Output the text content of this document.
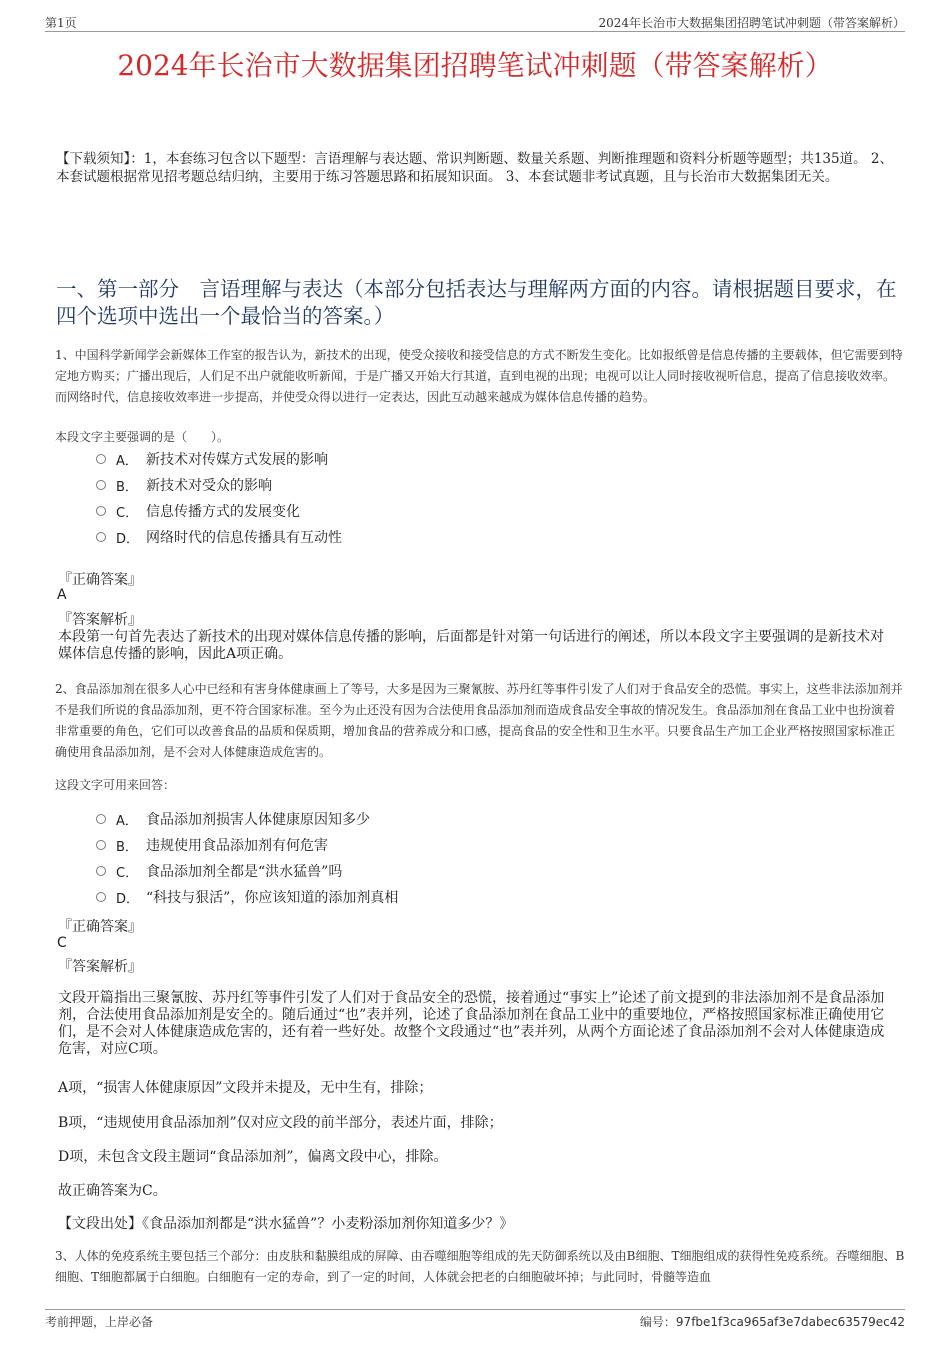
第1页	2024年长治市大数据集团招聘笔试冲刺题（带答案解析）
2024年长治市大数据集团招聘笔试冲刺题（带答案解析）
【下载须知】：1，本套练习包含以下题型：言语理解与表达题、常识判断题、数量关系题、判断推理题和资料分析题等题型；共135道。 2、本套试题根据常见招考题总结归纳，主要用于练习答题思路和拓展知识面。 3、本套试题非考试真题，且与长治市大数据集团无关。
一、第一部分　言语理解与表达（本部分包括表达与理解两方面的内容。请根据题目要求，在四个选项中选出一个最恰当的答案。）
1、中国科学新闻学会新媒体工作室的报告认为，新技术的出现，使受众接收和接受信息的方式不断发生变化。比如报纸曾是信息传播的主要载体，但它需要到特定地方购买；广播出现后，人们足不出户就能收听新闻，于是广播又开始大行其道，直到电视的出现；电视可以让人同时接收视听信息，提高了信息接收效率。而网络时代，信息接收效率进一步提高，并使受众得以进行一定表达，因此互动越来越成为媒体信息传播的趋势。
本段文字主要强调的是（　　）。
A． 新技术对传媒方式发展的影响
B． 新技术对受众的影响
C． 信息传播方式的发展变化
D． 网络时代的信息传播具有互动性
『正确答案』
A
『答案解析』
本段第一句首先表达了新技术的出现对媒体信息传播的影响，后面都是针对第一句话进行的阐述，所以本段文字主要强调的是新技术对媒体信息传播的影响，因此A项正确。
2、食品添加剂在很多人心中已经和有害身体健康画上了等号，大多是因为三聚氰胺、苏丹红等事件引发了人们对于食品安全的恐慌。事实上，这些非法添加剂并不是我们所说的食品添加剂，更不符合国家标准。至今为止还没有因为合法使用食品添加剂而造成食品安全事故的情况发生。食品添加剂在食品工业中也扮演着非常重要的角色，它们可以改善食品的品质和保质期，增加食品的营养成分和口感，提高食品的安全性和卫生水平。只要食品生产加工企业严格按照国家标准正确使用食品添加剂，是不会对人体健康造成危害的。
这段文字可用来回答：
A． 食品添加剂损害人体健康原因知多少
B． 违规使用食品添加剂有何危害
C． 食品添加剂全都是“洪水猛兽”吗
D． “科技与狠活”，你应该知道的添加剂真相
『正确答案』
C
『答案解析』
文段开篇指出三聚氰胺、苏丹红等事件引发了人们对于食品安全的恐慌，接着通过“事实上”论述了前文提到的非法添加剂不是食品添加剂，合法使用食品添加剂是安全的。随后通过“也”表并列，论述了食品添加剂在食品工业中的重要地位，严格按照国家标准正确使用它们，是不会对人体健康造成危害的，还有着一些好处。故整个文段通过“也”表并列，从两个方面论述了食品添加剂不会对人体健康造成危害，对应C项。
A项，“损害人体健康原因”文段并未提及，无中生有，排除；
B项，“违规使用食品添加剂”仅对应文段的前半部分，表述片面，排除；
D项，未包含文段主题词“食品添加剂”，偏离文段中心，排除。
故正确答案为C。
【文段出处】《食品添加剂都是“洪水猛兽”？小麦粉添加剂你知道多少？》
3、人体的免疫系统主要包括三个部分：由皮肤和黏膜组成的屏障、由吞噬细胞等组成的先天防御系统以及由B细胞、T细胞组成的获得性免疫系统。吞噬细胞、B细胞、T细胞都属于白细胞。白细胞有一定的寿命，到了一定的时间，人体就会把老的白细胞破坏掉；与此同时，骨髓等造血
考前押题，上岸必备	编号：97fbe1f3ca965af3e7dabec63579ec42
